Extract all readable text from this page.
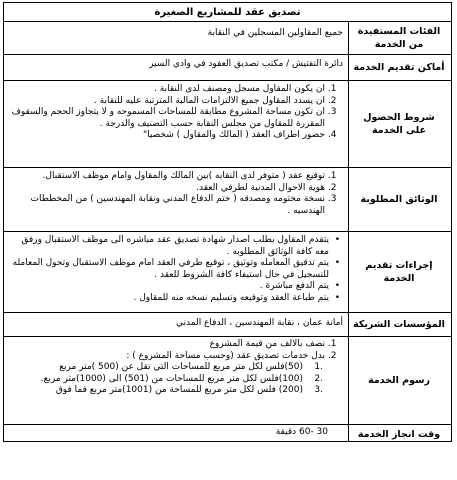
تصديق عقد للمشاريع الصغيرة
الفئات المستفيدة من الخدمة
جميع المقاولين المسجلين في النقابة
أماكن تقديم الخدمة
دائرة التفتيش / مكتب تصديق العقود في وادي السير
شروط الحصول على الخدمة
1. ان يكون المقاول مسجل ومصنف لدى النقابة .
2. ان يسدد المقاول جميع الالتزامات المالية المترتبة عليه للنقابة .
3. ان تكون مساحة المشروع مطابقة للمساحات المسموحه و لا يتجاوز الحجم والسقوف المقررة للمقاول من مجلس النقابة حسب التصنيف والدرجة .
4. حضور اطراف العقد ( المالك والمقاول ) شخصيا"
الوثائق المطلوبة
1. توقيع عقد ( متوفر لدى النقابه )بين المالك والمقاول وامام موظف الاستقبال.
2. هوية الاحوال المدنية لطرفي العقد.
3. نسخة مختومه ومصدقه ( ختم الدفاع المدني ونقابة المهندسين ) من المخططات الهندسيه .
إجراءات تقديم الخدمة
• يتقدم المقاول بطلب اصدار شهادة تصديق عقد مباشره الى موظف الاستقبال ورفق معه كافة الوثائق المطلوبه .
• يتم تدقيق المعامله وتوثيق ، توقيع طرفي العقد امام موظف الاستقبال وتحول المعامله للتسجيل في حال استيفاء كافة الشروط للعقد .
• يتم الدفع مباشرة .
• يتم طباعة العقد وتوقيعه وتسليم نسخه منه للمقاول .
المؤسسات الشريكة
أمانة عمان ، نقابة المهندسين ، الدفاع المدني
رسوم الخدمة
1. نصف بالالف من قيمة المشروع
2. بدل خدمات تصديق عقد (وحسب مساحة المشروع ) :
.1
(50)فلس لكل متر مربع للمساحات التي تقل عن (500 )متر مربع
.2
(100)فلس لكل متر مربع للمساحات من (501) الى (1000)متر مربع.
.3
(200) فلس لكل متر مربع للمساحة من (1001)متر مربع فما فوق
وقت انجاز الخدمة
30 -60 دقيقة
